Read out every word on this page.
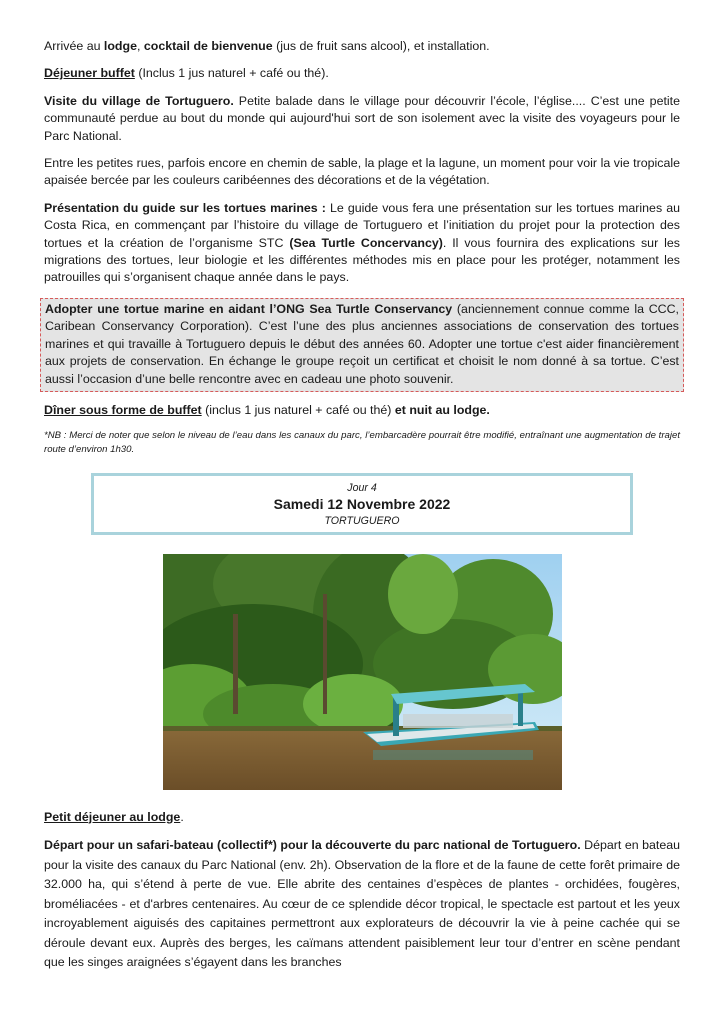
Arrivée au lodge, cocktail de bienvenue (jus de fruit sans alcool), et installation.

Déjeuner buffet (Inclus 1 jus naturel + café ou thé).

Visite du village de Tortuguero. Petite balade dans le village pour découvrir l’école, l’église.... C’est une petite communauté perdue au bout du monde qui aujourd'hui sort de son isolement avec la visite des voyageurs pour le Parc National.

Entre les petites rues, parfois encore en chemin de sable, la plage et la lagune, un moment pour voir la vie tropicale apaisée bercée par les couleurs caribéennes des décorations et de la végétation.

Présentation du guide sur les tortues marines : Le guide vous fera une présentation sur les tortues marines au Costa Rica, en commençant par l’histoire du village de Tortuguero et l’initiation du projet pour la protection des tortues et la création de l’organisme STC (Sea Turtle Concervancy). Il vous fournira des explications sur les migrations des tortues, leur biologie et les différentes méthodes mis en place pour les protéger, notamment les patrouilles qui s’organisent chaque année dans le pays.

Adopter une tortue marine en aidant l’ONG Sea Turtle Conservancy (anciennement connue comme la CCC, Caribean Conservancy Corporation). C’est l’une des plus anciennes associations de conservation des tortues marines et qui travaille à Tortuguero depuis le début des années 60. Adopter une tortue c'est aider financièrement aux projets de conservation. En échange le groupe reçoit un certificat et choisit le nom donné à sa tortue. C’est aussi l’occasion d’une belle rencontre avec en cadeau une photo souvenir.

Dîner sous forme de buffet (inclus 1 jus naturel + café ou thé) et nuit au lodge.

*NB : Merci de noter que selon le niveau de l’eau dans les canaux du parc, l’embarcadère pourrait être modifié, entraînant une augmentation de trajet route d’environ 1h30.

Jour 4
Samedi 12 Novembre 2022
TORTUGUERO

Petit déjeuner au lodge.

Départ pour un safari-bateau (collectif*) pour la découverte du parc national de Tortuguero. Départ en bateau pour la visite des canaux du Parc National (env. 2h). Observation de la flore et de la faune de cette forêt primaire de 32.000 ha, qui s’étend à perte de vue. Elle abrite des centaines d’espèces de plantes - orchidées, fougères, broméliacées - et d'arbres centenaires. Au cœur de ce splendide décor tropical, le spectacle est partout et les yeux incroyablement aiguisés des capitaines permettront aux explorateurs de découvrir la vie à peine cachée qui se déroule devant eux. Auprès des berges, les caïmans attendent paisiblement leur tour d’entrer en scène pendant que les singes araignées s’égayent dans les branches
